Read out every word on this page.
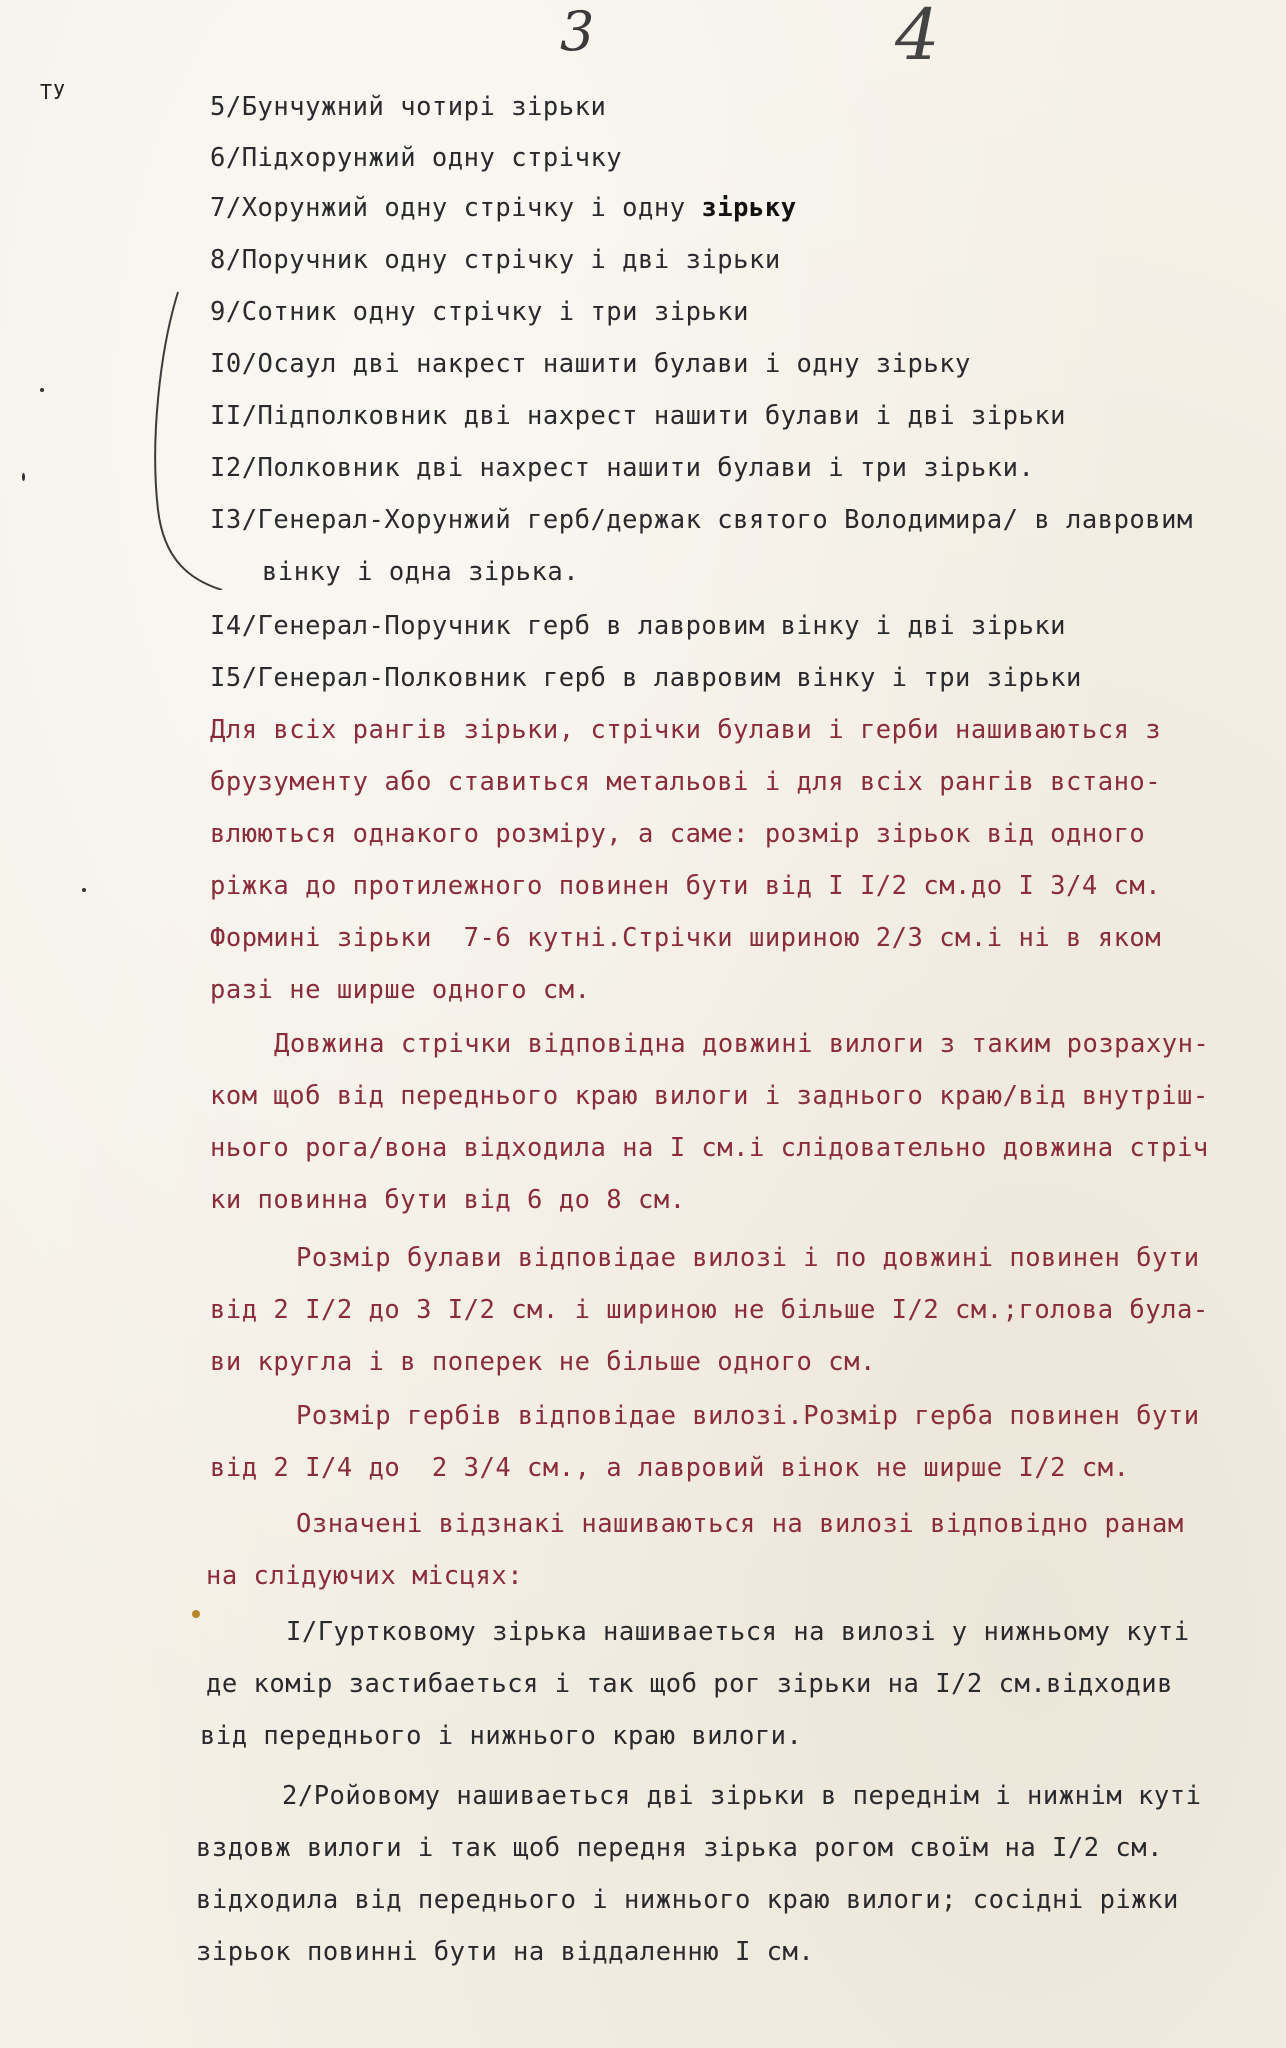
3	4
ТУ	5/Бунчужний чотирі зірьки
6/Підхорунжий одну стрічку
7/Хорунжий одну стрічку і одну зірьку
8/Поручник одну стрічку і дві зірьки
9/Сотник одну стрічку і три зірьки
I0/Осаул дві накрест нашити булави і одну зірьку
II/Підполковник дві нахрест нашити булави і дві зірьки
I2/Полковник дві нахрест нашити булави і три зірьки.
I3/Генерал-Хорунжий герб/держак святого Володимира/ в лавровим
вінку і одна зірька.
I4/Генерал-Поручник герб в лавровим вінку і дві зірьки
I5/Генерал-Полковник герб в лавровим вінку і три зірьки
Для всіх рангів зірьки, стрічки булави і герби нашиваються з
брузументу або ставиться метальові і для всіх рангів встано-
влюються однакого розміру, а саме: розмір зірьок від одного
ріжка до протилежного повинен бути від I I/2 см.до I 3/4 см.
Формині зірьки  7-6 кутні.Стрічки шириною 2/3 см.і ні в яком
разі не ширше одного см.
Довжина стрічки відповідна довжині вилоги з таким розрахун-
ком щоб від переднього краю вилоги і заднього краю/від внутріш-
нього рога/вона відходила на I см.і слідовательно довжина стріч
ки повинна бути від 6 до 8 см.
Розмір булави відповідае вилозі і по довжині повинен бути
від 2 I/2 до 3 I/2 см. і шириною не більше I/2 см.;голова була-
ви кругла і в поперек не більше одного см.
Розмір гербів відповідае вилозі.Розмір герба повинен бути
від 2 I/4 до  2 3/4 см., а лавровий вінок не ширше I/2 см.
Означені відзнакі нашиваються на вилозі відповідно ранам
на слідуючих місцях:
I/Гуртковому зірька нашиваеться на вилозі у нижньому куті
де комір застибаеться і так щоб рог зірьки на I/2 см.відходив
від переднього і нижнього краю вилоги.
2/Ройовому нашиваеться дві зірьки в переднім і нижнім куті
вздовж вилоги і так щоб передня зірька рогом своїм на I/2 см.
відходила від переднього і нижнього краю вилоги; сосідні ріжки
зірьок повинні бути на віддаленню I см.
